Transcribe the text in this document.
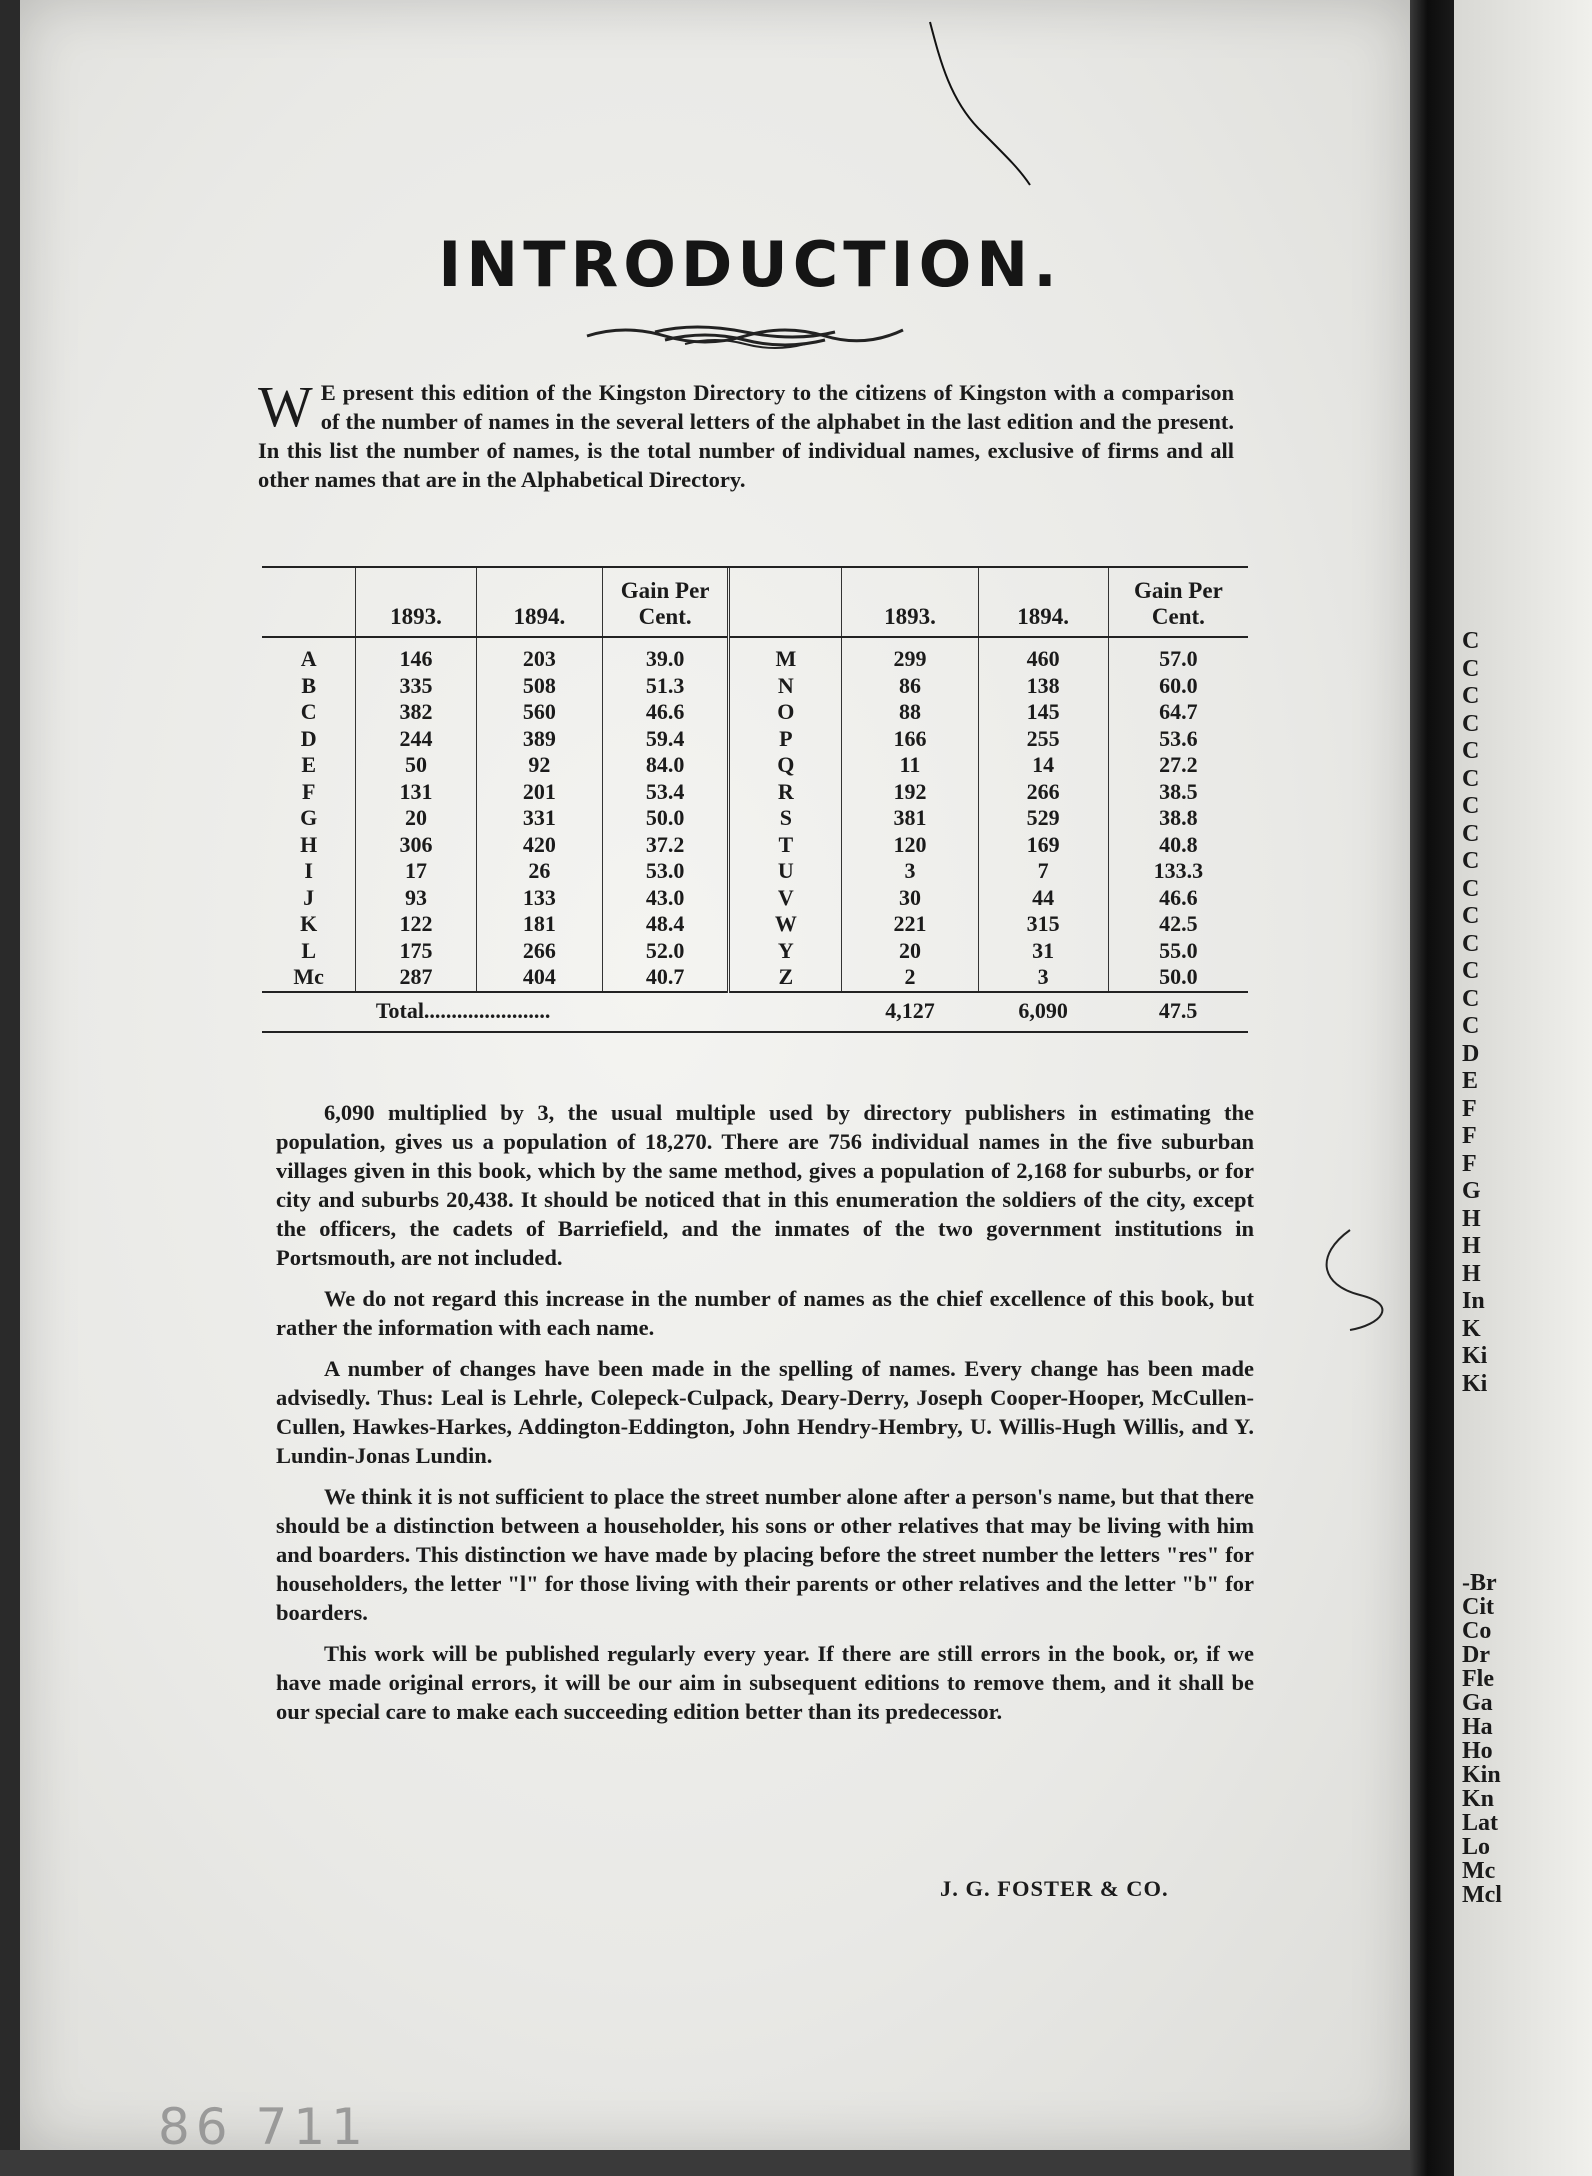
C
C
C
C
C
C
C
C
C
C
C
C
C
C
C
D
E
F
F
F
G
H
H
H
In
K
Ki
Ki
-Br
Cit
Co
Dr
Fle
Ga
Ha
Ho
Kin
Kn
Lat
Lo
Mc
Mcl
INTRODUCTION.
W E present this edition of the Kingston Directory to the citizens of Kingston with a comparison of the number of names in the several letters of the alphabet in the last edition and the present. In this list the number of names, is the total number of individual names, exclusive of firms and all other names that are in the Alphabetical Directory.

	1893.	1894.	Gain Per Cent.		1893.	1894.	Gain Per Cent.
A	146	203	39.0	M	299	460	57.0
B	335	508	51.3	N	86	138	60.0
C	382	560	46.6	O	88	145	64.7
D	244	389	59.4	P	166	255	53.6
E	50	92	84.0	Q	11	14	27.2
F	131	201	53.4	R	192	266	38.5
G	20	331	50.0	S	381	529	38.8
H	306	420	37.2	T	120	169	40.8
I	17	26	53.0	U	3	7	133.3
J	93	133	43.0	V	30	44	46.6
K	122	181	48.4	W	221	315	42.5
L	175	266	52.0	Y	20	31	55.0
Mc	287	404	40.7	Z	2	3	50.0
	Total.......................				4,127	6,090	47.5

6,090 multiplied by 3, the usual multiple used by directory publishers in estimating the population, gives us a population of 18,270. There are 756 individual names in the five suburban villages given in this book, which by the same method, gives a population of 2,168 for suburbs, or for city and suburbs 20,438. It should be noticed that in this enumeration the soldiers of the city, except the officers, the cadets of Barriefield, and the inmates of the two government institutions in Portsmouth, are not included.

We do not regard this increase in the number of names as the chief excellence of this book, but rather the information with each name.

A number of changes have been made in the spelling of names. Every change has been made advisedly. Thus: Leal is Lehrle, Colepeck-Culpack, Deary-Derry, Joseph Cooper-Hooper, McCullen-Cullen, Hawkes-Harkes, Addington-Eddington, John Hendry-Hembry, U. Willis-Hugh Willis, and Y. Lundin-Jonas Lundin.

We think it is not sufficient to place the street number alone after a person's name, but that there should be a distinction between a householder, his sons or other relatives that may be living with him and boarders. This distinction we have made by placing before the street number the letters "res" for householders, the letter "l" for those living with their parents or other relatives and the letter "b" for boarders.

This work will be published regularly every year. If there are still errors in the book, or, if we have made original errors, it will be our aim in subsequent editions to remove them, and it shall be our special care to make each succeeding edition better than its predecessor.

J. G. FOSTER & CO.
86 711
